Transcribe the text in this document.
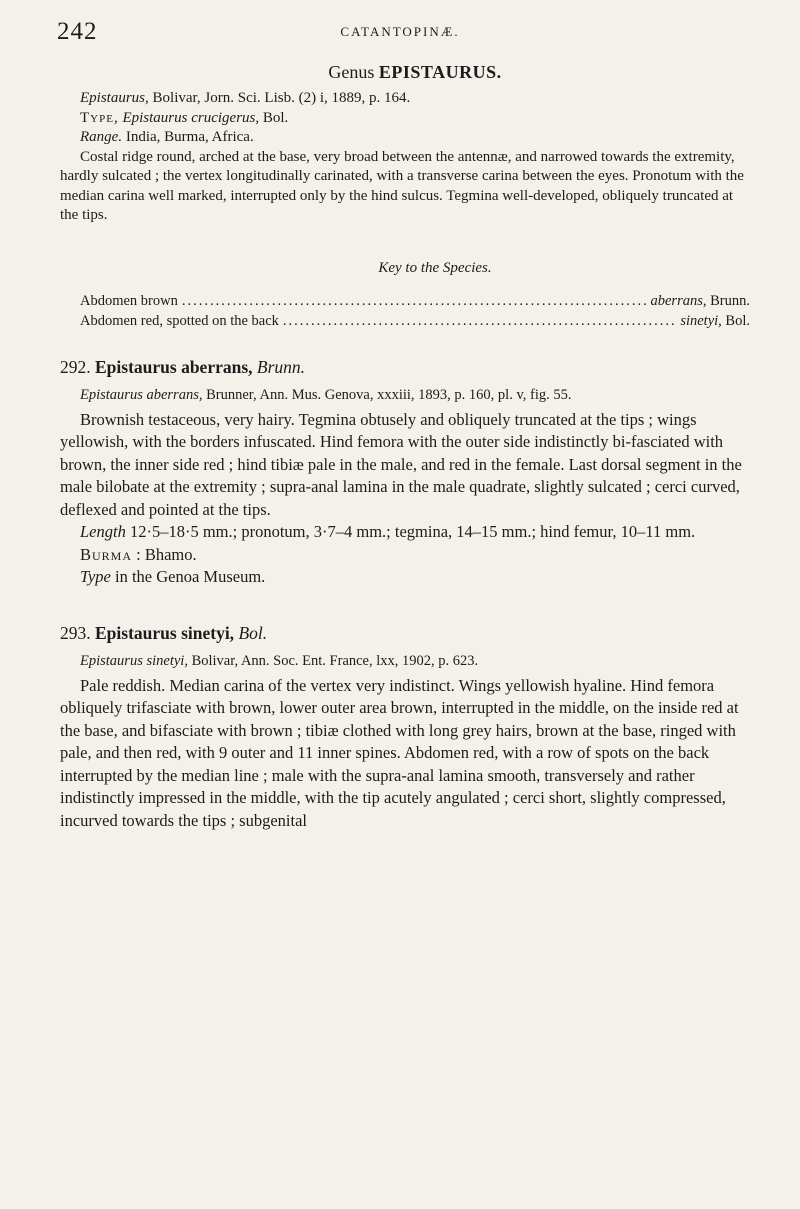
242	CATANTOPINÆ.
Genus EPISTAURUS.

Epistaurus, Bolivar, Jorn. Sci. Lisb. (2) i, 1889, p. 164.

Type, Epistaurus crucigerus, Bol.

Range. India, Burma, Africa.

Costal ridge round, arched at the base, very broad between the antennæ, and narrowed towards the extremity, hardly sulcated ; the vertex longitudinally carinated, with a transverse carina between the eyes. Pronotum with the median carina well marked, interrupted only by the hind sulcus. Tegmina well-developed, obliquely truncated at the tips.

Key to the Species.
Abdomen brown .....	aberrans, Brunn.
Abdomen red, spotted on the back .....	sinetyi, Bol.
292. Epistaurus aberrans, Brunn.

Epistaurus aberrans, Brunner, Ann. Mus. Genova, xxxiii, 1893, p. 160, pl. v, fig. 55.

Brownish testaceous, very hairy. Tegmina obtusely and obliquely truncated at the tips ; wings yellowish, with the borders infuscated. Hind femora with the outer side indistinctly bi-fasciated with brown, the inner side red ; hind tibiæ pale in the male, and red in the female. Last dorsal segment in the male bilobate at the extremity ; supra-anal lamina in the male quadrate, slightly sulcated ; cerci curved, deflexed and pointed at the tips.

Length 12·5–18·5 mm.; pronotum, 3·7–4 mm.; tegmina, 14–15 mm.; hind femur, 10–11 mm.

Burma : Bhamo.

Type in the Genoa Museum.

293. Epistaurus sinetyi, Bol.

Epistaurus sinetyi, Bolivar, Ann. Soc. Ent. France, lxx, 1902, p. 623.

Pale reddish. Median carina of the vertex very indistinct. Wings yellowish hyaline. Hind femora obliquely trifasciate with brown, lower outer area brown, interrupted in the middle, on the inside red at the base, and bifasciate with brown ; tibiæ clothed with long grey hairs, brown at the base, ringed with pale, and then red, with 9 outer and 11 inner spines. Abdomen red, with a row of spots on the back interrupted by the median line ; male with the supra-anal lamina smooth, transversely and rather indistinctly impressed in the middle, with the tip acutely angulated ; cerci short, slightly compressed, incurved towards the tips ; subgenital
